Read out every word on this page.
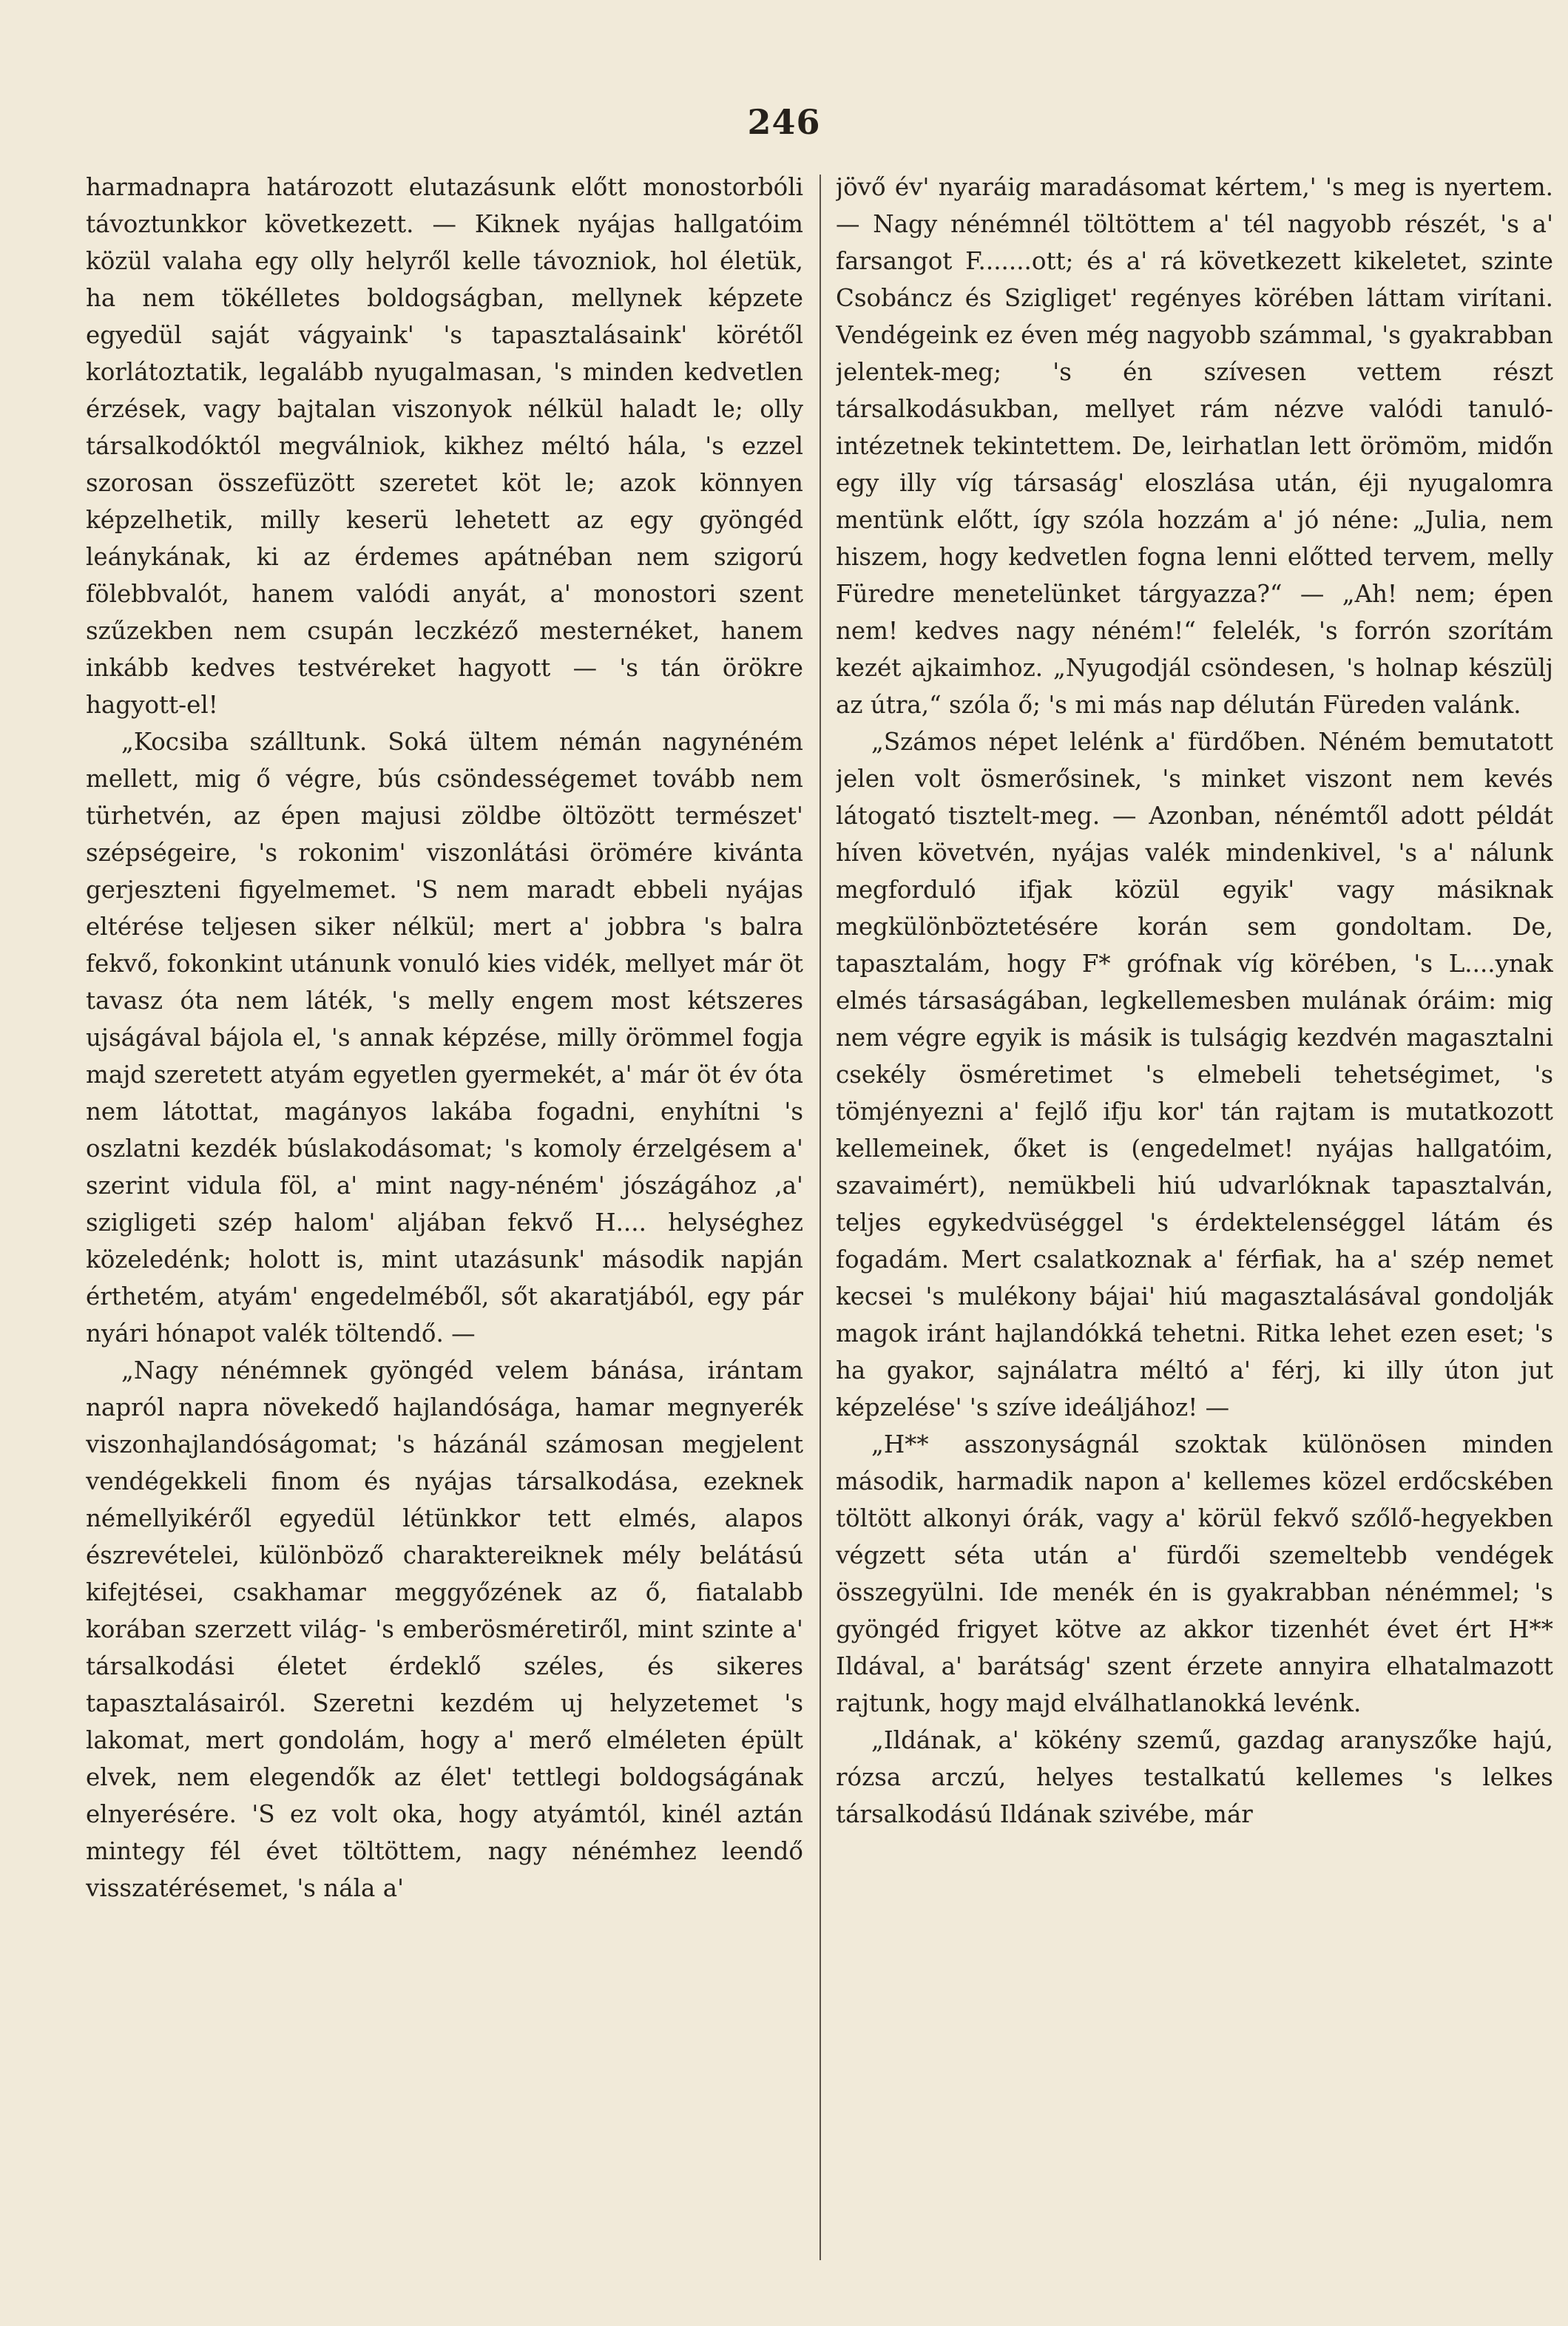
246

harmadnapra határozott elutazásunk előtt monostorbóli távoztunkkor következett. — Kiknek nyájas hallgatóim közül valaha egy olly helyről kelle távozniok, hol életük, ha nem tökélletes boldogságban, mellynek képzete egyedül saját vágyaink' 's tapasztalásaink' körétől korlátoztatik, legalább nyugalmasan, 's minden kedvetlen érzések, vagy bajtalan viszonyok nélkül haladt le; olly társalkodóktól megválniok, kikhez méltó hála, 's ezzel szorosan összefüzött szeretet köt le; azok könnyen képzelhetik, milly keserü lehetett az egy gyöngéd leánykának, ki az érdemes apátnéban nem szigorú fölebbvalót, hanem valódi anyát, a' monostori szent szűzekben nem csupán leczkéző mesternéket, hanem inkább kedves testvéreket hagyott — 's tán örökre hagyott-el!

„Kocsiba szálltunk. Soká ültem némán nagynéném mellett, mig ő végre, bús csöndességemet tovább nem türhetvén, az épen majusi zöldbe öltözött természet' szépségeire, 's rokonim' viszonlátási örömére kivánta gerjeszteni figyelmemet. 'S nem maradt ebbeli nyájas eltérése teljesen siker nélkül; mert a' jobbra 's balra fekvő, fokonkint utánunk vonuló kies vidék, mellyet már öt tavasz óta nem láték, 's melly engem most kétszeres ujságával bájola el, 's annak képzése, milly örömmel fogja majd szeretett atyám egyetlen gyermekét, a' már öt év óta nem látottat, magányos lakába fogadni, enyhítni 's oszlatni kezdék búslakodásomat; 's komoly érzelgésem a' szerint vidula föl, a' mint nagy-néném' jószágához ,a' szigligeti szép halom' aljában fekvő H.... helységhez közeledénk; holott is, mint utazásunk' második napján érthetém, atyám' engedelméből, sőt akaratjából, egy pár nyári hónapot valék töltendő. —

„Nagy nénémnek gyöngéd velem bánása, irántam napról napra növekedő hajlandósága, hamar megnyerék viszonhajlandóságomat; 's házánál számosan megjelent vendégekkeli finom és nyájas társalkodása, ezeknek némellyikéről egyedül létünkkor tett elmés, alapos észrevételei, különböző charaktereiknek mély belátású kifejtései, csakhamar meggyőzének az ő, fiatalabb korában szerzett világ- 's emberösméretiről, mint szinte a' társalkodási életet érdeklő széles, és sikeres tapasztalásairól. Szeretni kezdém uj helyzetemet 's lakomat, mert gondolám, hogy a' merő elméleten épült elvek, nem elegendők az élet' tettlegi boldogságának elnyerésére. 'S ez volt oka, hogy atyámtól, kinél aztán mintegy fél évet töltöttem, nagy nénémhez leendő visszatérésemet, 's nála a'

jövő év' nyaráig maradásomat kértem,' 's meg is nyertem. — Nagy nénémnél töltöttem a' tél nagyobb részét, 's a' farsangot F.......ott; és a' rá következett kikeletet, szinte Csobáncz és Szigliget' regényes körében láttam virítani. Vendégeink ez éven még nagyobb számmal, 's gyakrabban jelentek-meg; 's én szívesen vettem részt társalkodásukban, mellyet rám nézve valódi tanuló-intézetnek tekintettem. De, leirhatlan lett örömöm, midőn egy illy víg társaság' eloszlása után, éji nyugalomra mentünk előtt, így szóla hozzám a' jó néne: „Julia, nem hiszem, hogy kedvetlen fogna lenni előtted tervem, melly Füredre menetelünket tárgyazza?“ — „Ah! nem; épen nem! kedves nagy néném!“ felelék, 's forrón szorítám kezét ajkaimhoz. „Nyugodjál csöndesen, 's holnap készülj az útra,“ szóla ő; 's mi más nap délután Füreden valánk.

„Számos népet lelénk a' fürdőben. Néném bemutatott jelen volt ösmerősinek, 's minket viszont nem kevés látogató tisztelt-meg. — Azonban, nénémtől adott példát híven követvén, nyájas valék mindenkivel, 's a' nálunk megforduló ifjak közül egyik' vagy másiknak megkülönböztetésére korán sem gondoltam. De, tapasztalám, hogy F* grófnak víg körében, 's L....ynak elmés társaságában, legkellemesben mulának óráim: mig nem végre egyik is másik is tulságig kezdvén magasztalni csekély ösméretimet 's elmebeli tehetségimet, 's tömjényezni a' fejlő ifju kor' tán rajtam is mutatkozott kellemeinek, őket is (engedelmet! nyájas hallgatóim, szavaimért), nemükbeli hiú udvarlóknak tapasztalván, teljes egykedvüséggel 's érdektelenséggel látám és fogadám. Mert csalatkoznak a' férfiak, ha a' szép nemet kecsei 's mulékony bájai' hiú magasztalásával gondolják magok iránt hajlandókká tehetni. Ritka lehet ezen eset; 's ha gyakor, sajnálatra méltó a' férj, ki illy úton jut képzelése' 's szíve ideáljához! —

„H** asszonyságnál szoktak különösen minden második, harmadik napon a' kellemes közel erdőcskében töltött alkonyi órák, vagy a' körül fekvő szőlő-hegyekben végzett séta után a' fürdői szemeltebb vendégek összegyülni. Ide menék én is gyakrabban nénémmel; 's gyöngéd frigyet kötve az akkor tizenhét évet ért H** Ildával, a' barátság' szent érzete annyira elhatalmazott rajtunk, hogy majd elválhatlanokká levénk.

„Ildának, a' kökény szemű, gazdag aranyszőke hajú, rózsa arczú, helyes testalkatú kellemes 's lelkes társalkodású Ildának szivébe, már
